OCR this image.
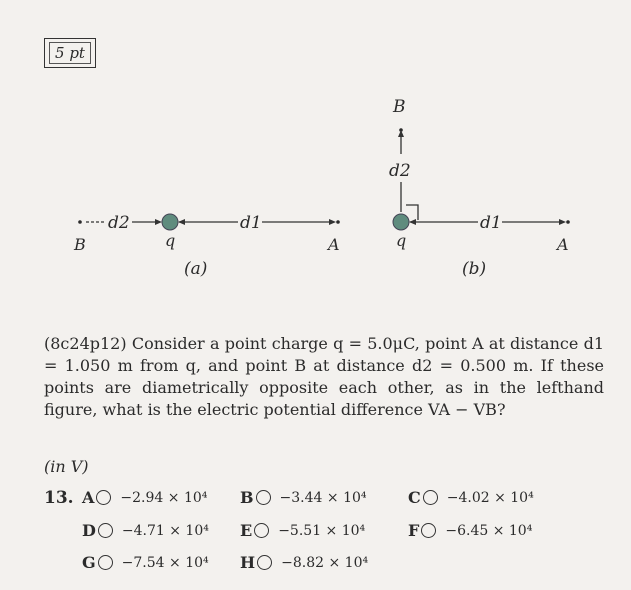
5 pt
d2	d1
B	q	A
(a)
B
d2
d1
q	A
(b)
(8c24p12) Consider a point charge q = 5.0μC, point A at distance d1 = 1.050 m from q, and point B at distance d2 = 0.500 m. If these points are diametrically opposite each other, as in the lefthand figure, what is the electric potential difference VA − VB?
(in V)
13. A −2.94 × 10⁴ B −3.44 × 10⁴	C −4.02 × 10⁴
D −4.71 × 10⁴ E −5.51 × 10⁴	F −6.45 × 10⁴
G −7.54 × 10⁴ H −8.82 × 10⁴
